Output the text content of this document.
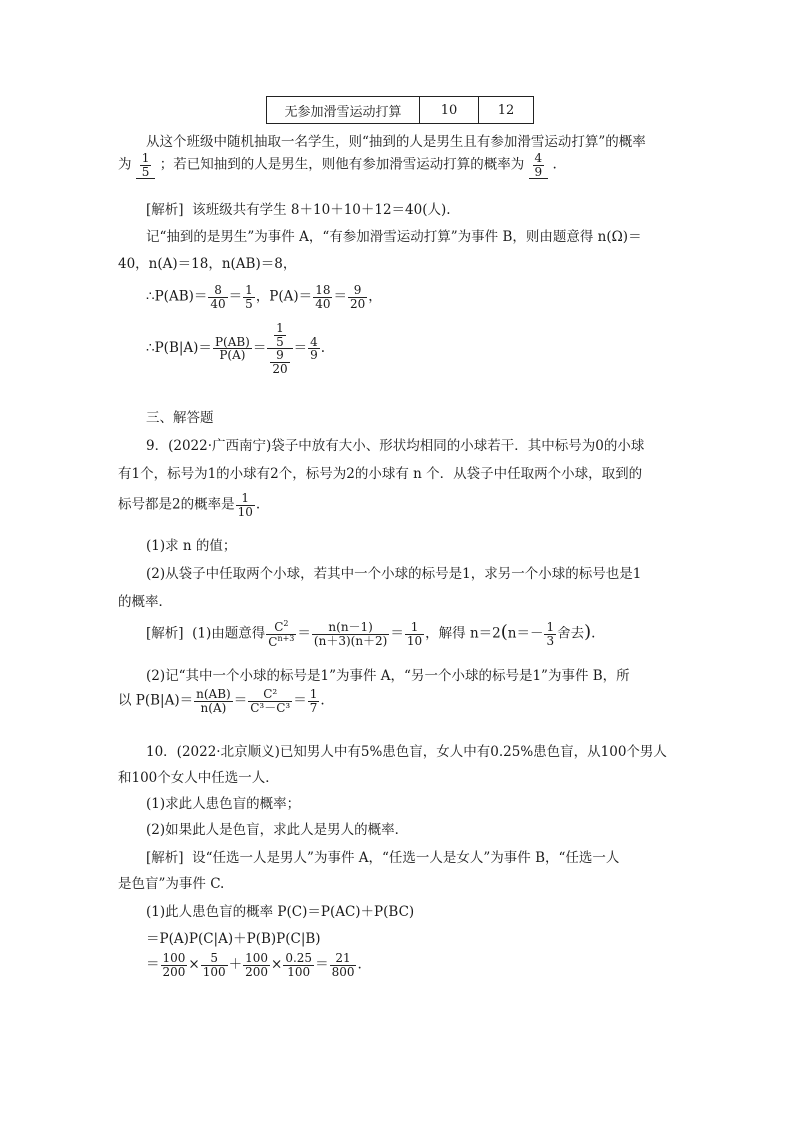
无参加滑雪运动打算	10	12
从这个班级中随机抽取一名学生，则“抽到的人是男生且有参加滑雪运动打算”的概率
为 $\frac{1}{5}$ ；若已知抽到的人是男生，则他有参加滑雪运动打算的概率为 $\frac{4}{9}$ .
[解析] 该班级共有学生 8＋10＋10＋12＝40(人).
记“抽到的是男生”为事件 A，“有参加滑雪运动打算”为事件 B，则由题意得 n(Ω)＝
40，n(A)＝18，n(AB)＝8，
∴P(AB)＝ $\frac{8}{40} = \frac{1}{5}$ ，$P(A)= \frac{18}{40} = \frac{9}{20}$ ，
∴P(B|A)＝ $\frac{P(AB)}{P(A)} = \frac{\frac{1}{5}}{\frac{9}{20}} = \frac{4}{9}$ .
三、解答题
9．(2022·广西南宁)袋子中放有大小、形状均相同的小球若干．其中标号为0的小球
有1个，标号为1的小球有2个，标号为2的小球有 n 个．从袋子中任取两个小球，取到的
标号都是2的概率是 $\frac{1}{10}$ .
(1)求 n 的值；
(2)从袋子中任取两个小球，若其中一个小球的标号是1，求另一个小球的标号也是1
的概率．
[解析] (1)由题意得 $\frac{C^2}{C^{n+3}} = \frac{n(n-1)}{(n+3)(n+2)} = \frac{1}{10}$ ，解得 $n=2(n=- \frac{1}{3}$ 舍去).
(2)记“其中一个小球的标号是1”为事件 A，“另一个小球的标号是1”为事件 B，所
以 $P(B|A)= \frac{n(AB)}{n(A)} = \frac{\text{C²}}{\text{C³－C³}} = \frac{1}{7}$ .
10．(2022·北京顺义)已知男人中有5%患色盲，女人中有0.25%患色盲，从100个男人
和100个女人中任选一人．
(1)求此人患色盲的概率；
(2)如果此人是色盲，求此人是男人的概率．
[解析] 设“任选一人是男人”为事件 A，“任选一人是女人”为事件 B，“任选一人
是色盲”为事件 C.
(1)此人患色盲的概率 P(C)＝P(AC)＋P(BC)
＝P(A)P(C|A)＋P(B)P(C|B)
＝ $\frac{100}{200} \times \frac{5}{100} + \frac{100}{200} \times \frac{0.25}{100} = \frac{21}{800}$ .
